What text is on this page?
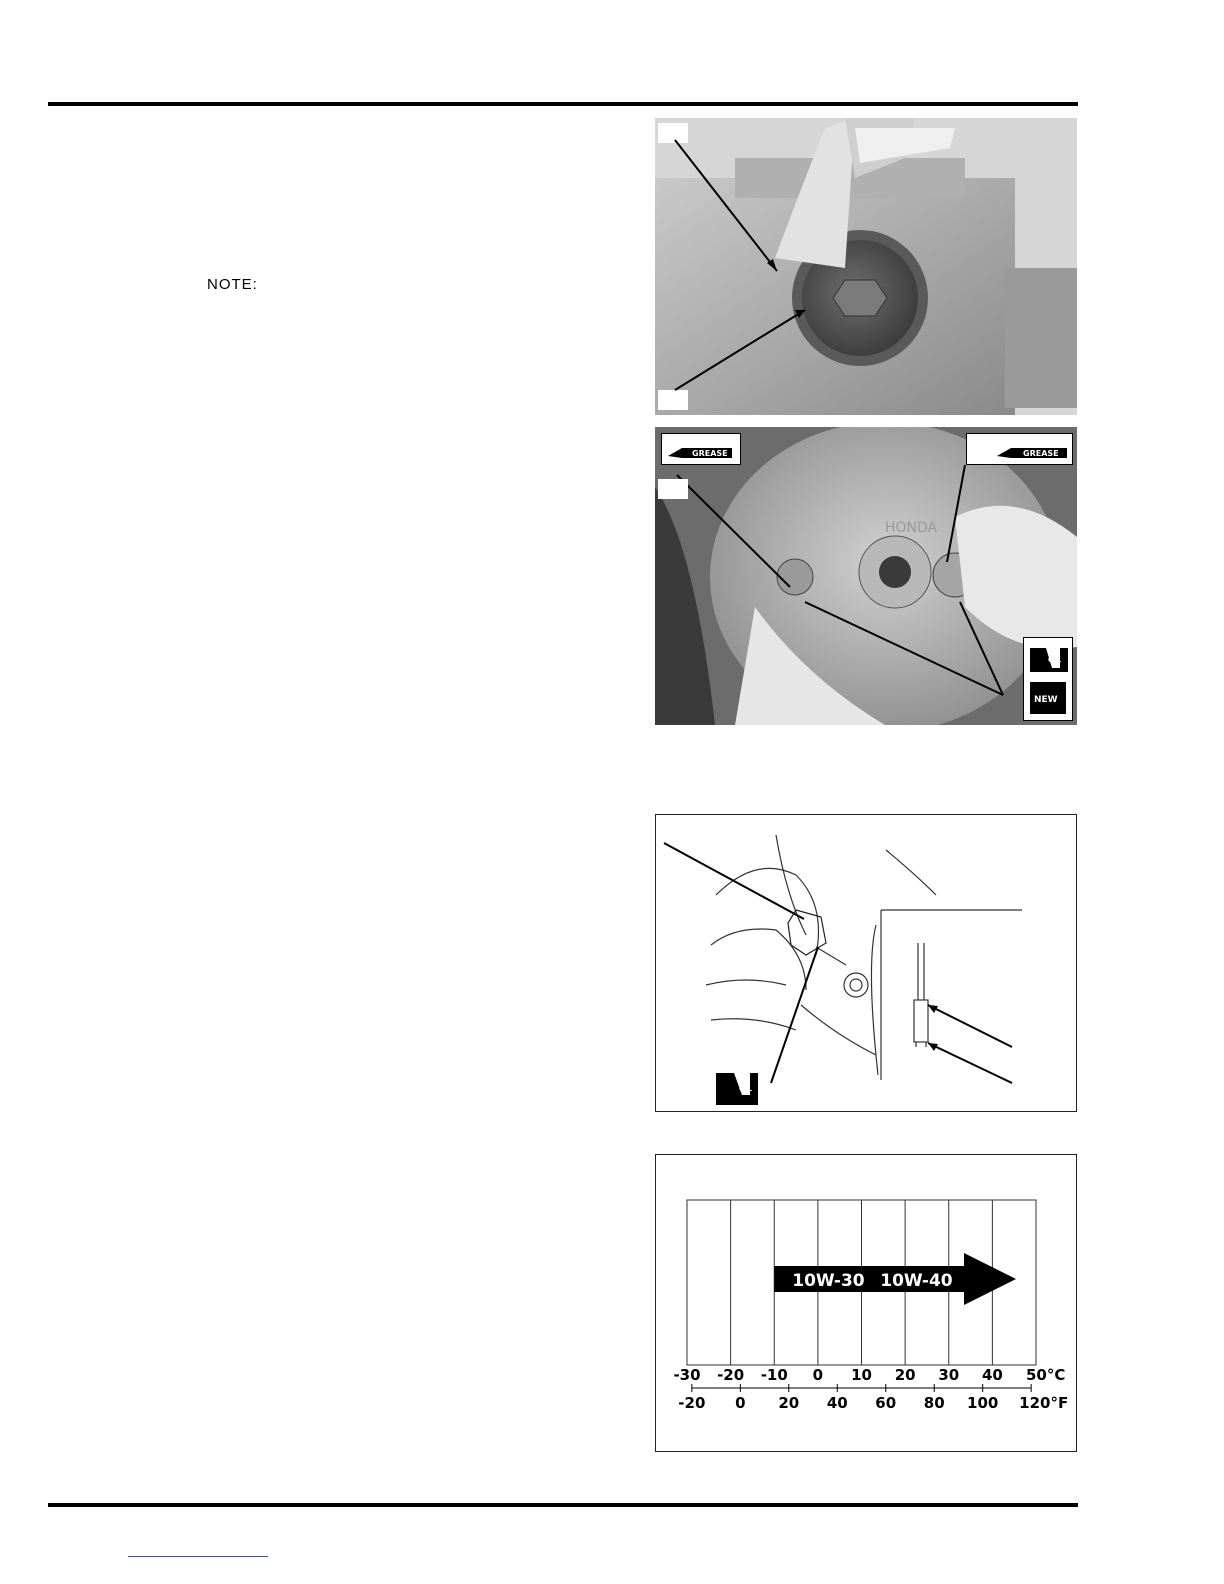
NOTE:
HONDA
GREASE	GREASE
OIL
NEW
OIL
10W-30 10W-40
-30 -20 -10 0 10 20 30 40 50°C
-20 0 20 40 60 80 100 120°F
